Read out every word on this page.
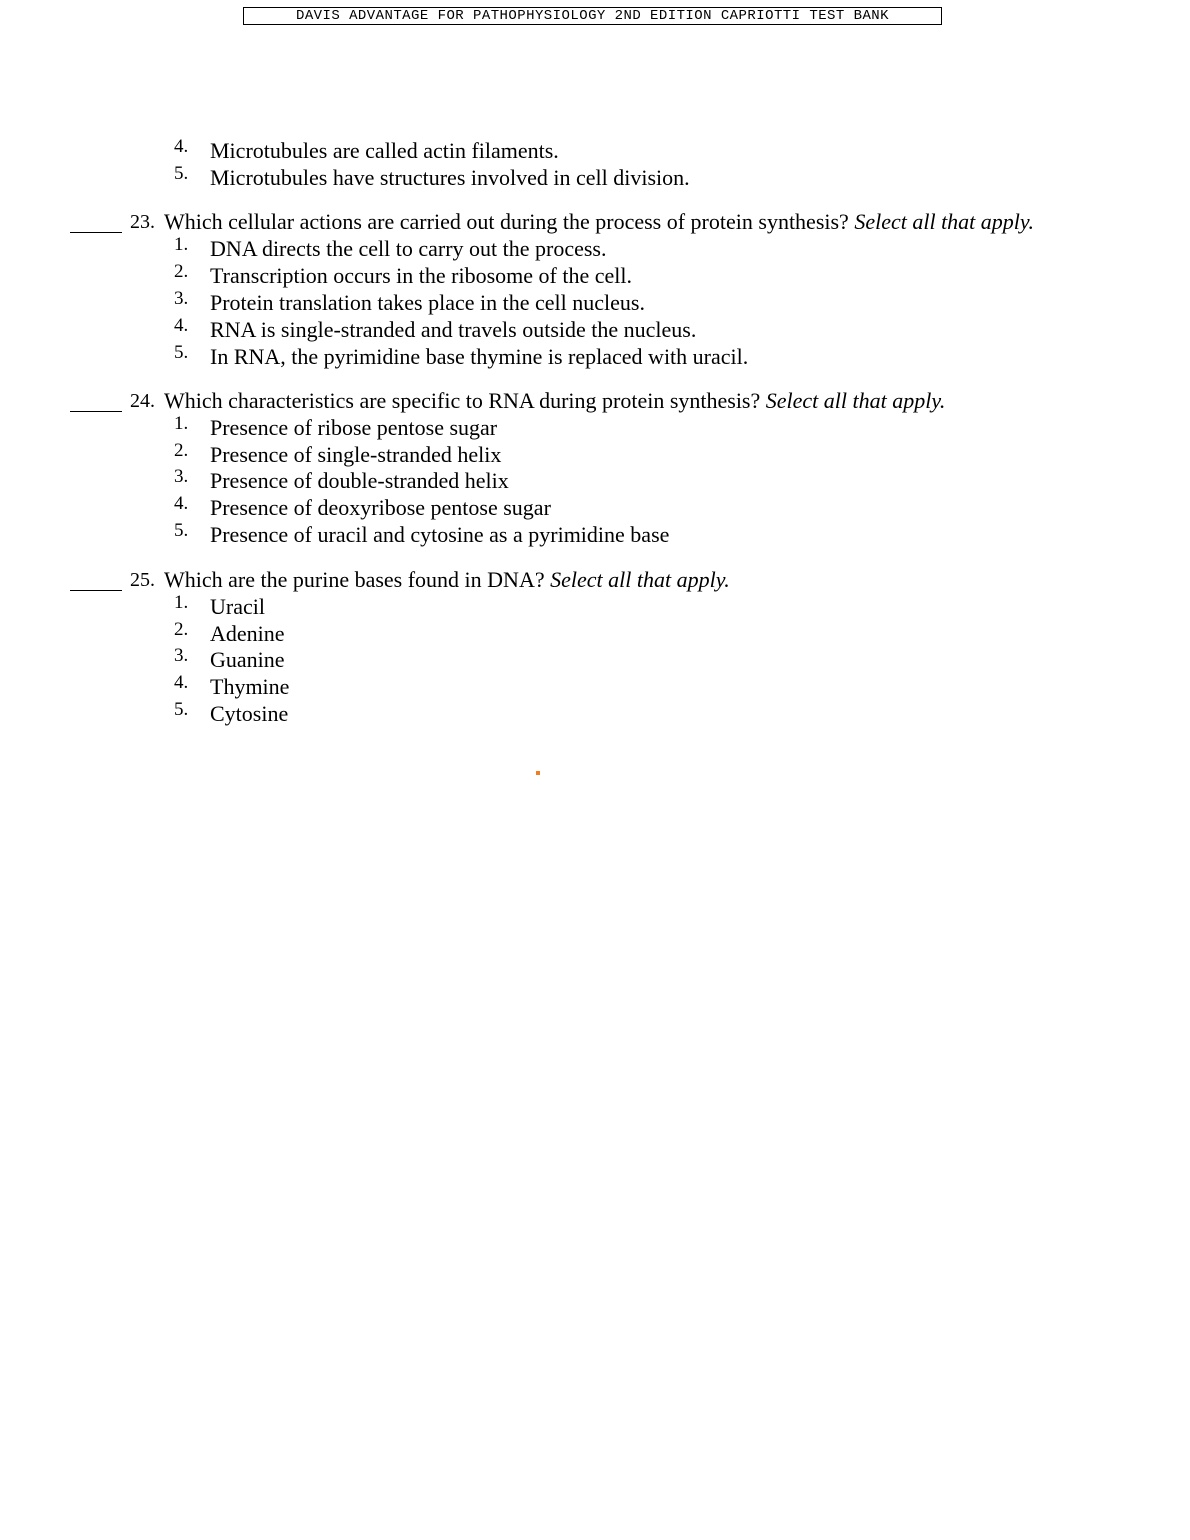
DAVIS ADVANTAGE FOR PATHOPHYSIOLOGY 2ND EDITION CAPRIOTTI TEST BANK
4. Microtubules are called actin filaments.
5. Microtubules have structures involved in cell division.
23. Which cellular actions are carried out during the process of protein synthesis? Select all that apply.
1. DNA directs the cell to carry out the process.
2. Transcription occurs in the ribosome of the cell.
3. Protein translation takes place in the cell nucleus.
4. RNA is single-stranded and travels outside the nucleus.
5. In RNA, the pyrimidine base thymine is replaced with uracil.
24. Which characteristics are specific to RNA during protein synthesis? Select all that apply.
1. Presence of ribose pentose sugar
2. Presence of single-stranded helix
3. Presence of double-stranded helix
4. Presence of deoxyribose pentose sugar
5. Presence of uracil and cytosine as a pyrimidine base
25. Which are the purine bases found in DNA? Select all that apply.
1. Uracil
2. Adenine
3. Guanine
4. Thymine
5. Cytosine
